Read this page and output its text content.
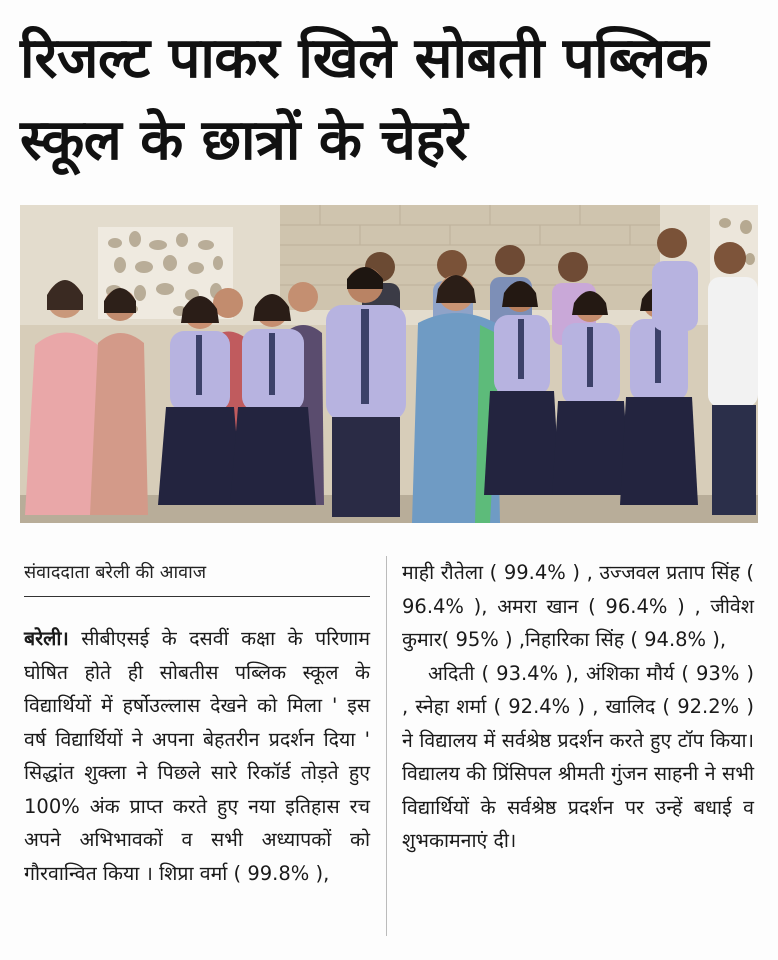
रिजल्ट पाकर खिले सोबती पब्लिक
स्कूल के छात्रों के चेहरे
संवाददाता बरेली की आवाज

बरेली। सीबीएसई के दसवीं कक्षा के परिणाम घोषित होते ही सोबतीस पब्लिक स्कूल के विद्यार्थियों में हर्षोउल्लास देखने को मिला ' इस वर्ष विद्यार्थियों ने अपना बेहतरीन प्रदर्शन दिया ' सिद्धांत शुक्ला ने पिछले सारे रिकॉर्ड तोड़ते हुए 100% अंक प्राप्त करते हुए नया इतिहास रच अपने अभिभावकों व सभी अध्यापकों को गौरवान्वित किया । शिप्रा वर्मा ( 99.8% ),

माही रौतेला ( 99.4% ) , उज्जवल प्रताप सिंह ( 96.4% ), अमरा खान ( 96.4% ) , जीवेश कुमार( 95% ) ,निहारिका सिंह ( 94.8% ),

अदिती ( 93.4% ), अंशिका मौर्य ( 93% ) , स्नेहा शर्मा ( 92.4% ) , खालिद ( 92.2% ) ने विद्यालय में सर्वश्रेष्ठ प्रदर्शन करते हुए टॉप किया। विद्यालय की प्रिंसिपल श्रीमती गुंजन साहनी ने सभी विद्यार्थियों के सर्वश्रेष्ठ प्रदर्शन पर उन्हें बधाई व शुभकामनाएं दी।
